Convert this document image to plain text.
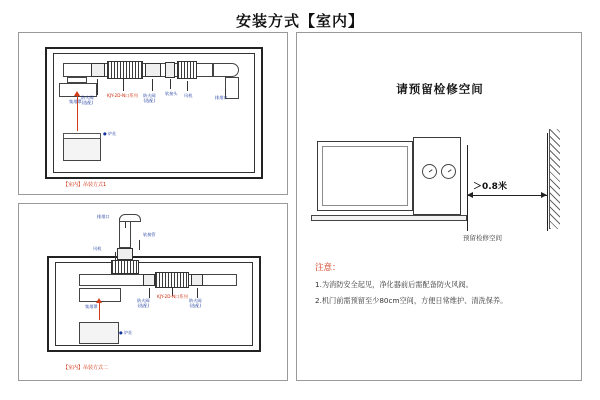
安装方式【室内】
防火阀
(选配)
KJY-2D-N口系列 防火阀
(选配)
软接头 风机	排烟口
集烟罩
● 炉灶
【室内】吊装方式1
排烟口
软接管
风机
集烟罩
防火阀
(选配)
KJY-2D-N口系列
防火阀
(选配)
● 炉灶
【室内】吊装方式二
请预留检修空间
＞0.8米
预留检修空间
注意：
1.为消防安全起见，净化器前后需配备防火风阀。
2.机门前需预留至少80cm空间，方便日常维护、清洗保养。
